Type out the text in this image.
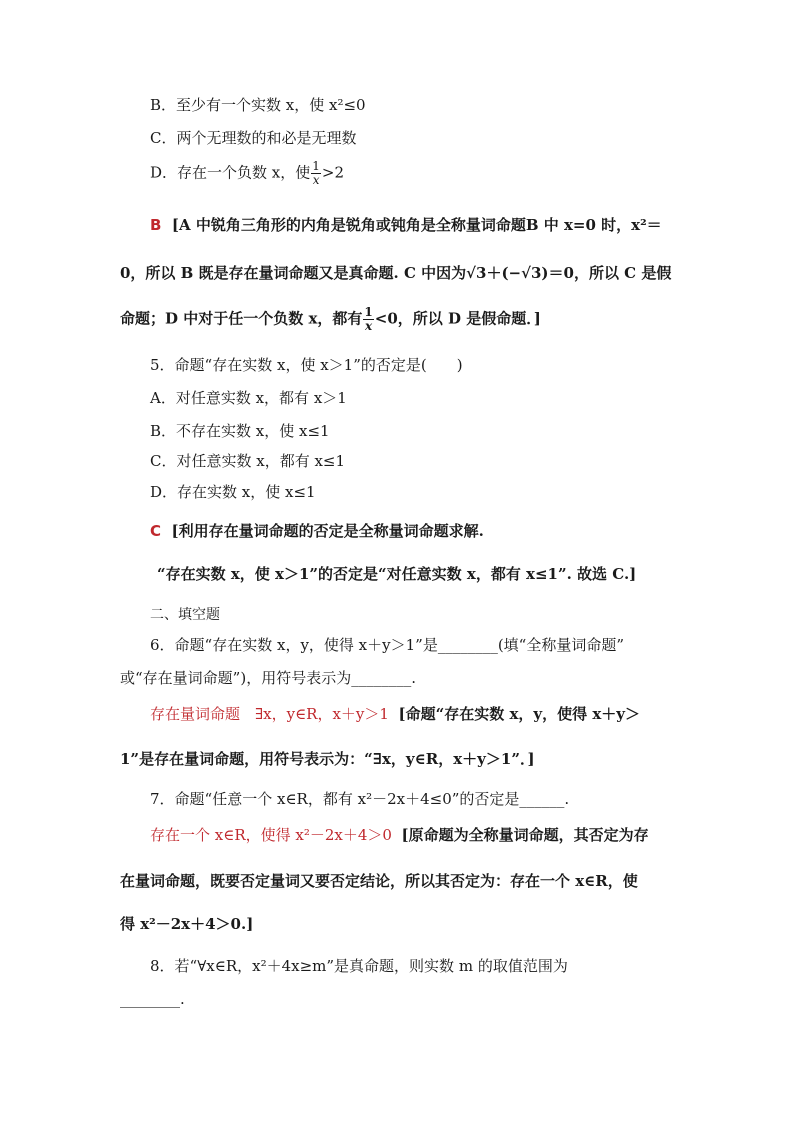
B．至少有一个实数 x，使 x²≤0
C．两个无理数的和必是无理数
D．存在一个负数 x，使 $\frac{1}{x} >2$
B [A 中锐角三角形的内角是锐角或钝角是全称量词命题B 中 x=0 时，x²＝
0，所以 B 既是存在量词命题又是真命题. C 中因为√3＋(−√3)＝0，所以 C 是假
命题；D 中对于任一个负数 x，都有 $\frac{1}{x} <0$，所以 D 是假命题．]
5．命题“存在实数 x，使 x＞1”的否定是(　　)
A．对任意实数 x，都有 x＞1
B．不存在实数 x，使 x≤1
C．对任意实数 x，都有 x≤1
D．存在实数 x，使 x≤1
C [利用存在量词命题的否定是全称量词命题求解.
“存在实数 x，使 x＞1”的否定是“对任意实数 x，都有 x≤1”. 故选 C.]
二、填空题
6．命题“存在实数 x，y，使得 x＋y＞1”是________(填“全称量词命题”
或“存在量词命题”)，用符号表示为________.
存在量词命题　∃x，y∈R，x＋y＞1 [命题“存在实数 x，y，使得 x＋y＞
1”是存在量词命题，用符号表示为：“∃x，y∈R，x＋y＞1”．]
7．命题“任意一个 x∈R，都有 x²－2x＋4≤0”的否定是______.
存在一个 x∈R，使得 x²－2x＋4＞0 [原命题为全称量词命题，其否定为存
在量词命题，既要否定量词又要否定结论，所以其否定为：存在一个 x∈R，使
得 x²－2x＋4＞0.]
8．若“∀x∈R，x²＋4x≥m”是真命题，则实数 m 的取值范围为
________.
